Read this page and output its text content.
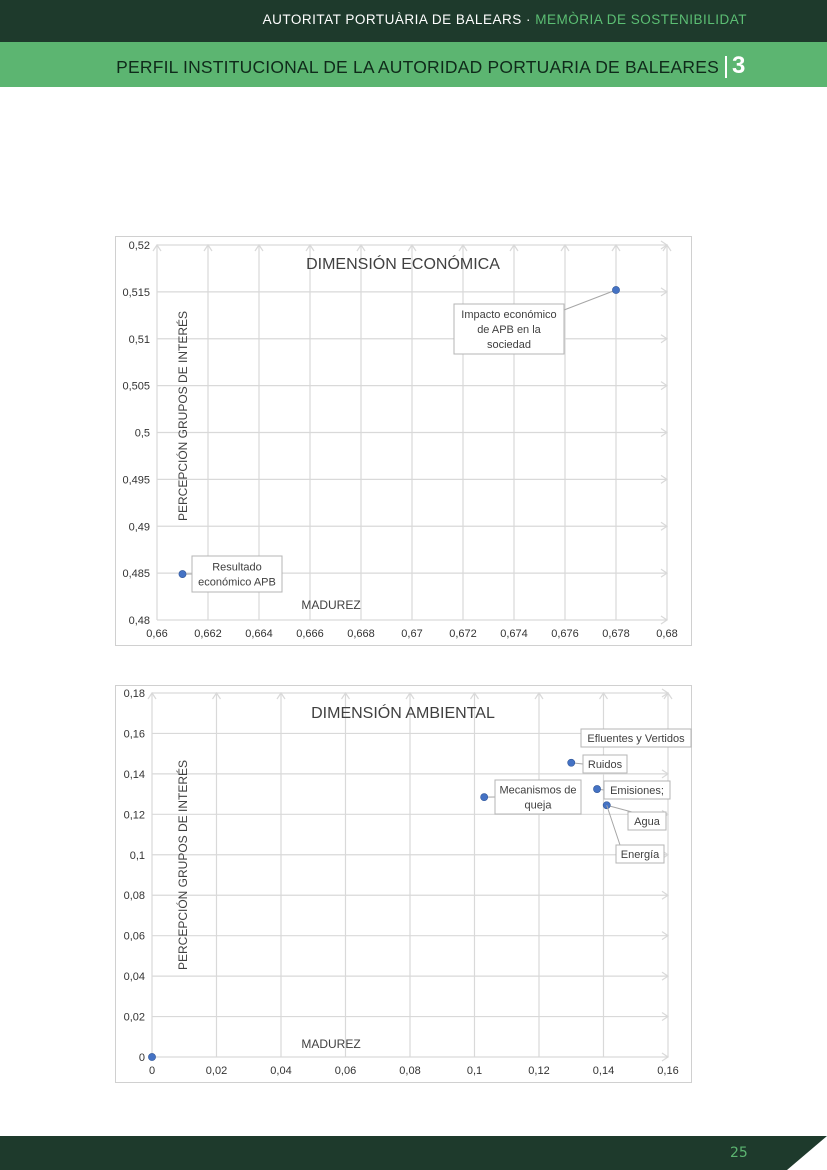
AUTORITAT PORTUÀRIA DE BALEARS · MEMÒRIA DE SOSTENIBILIDAT
PERFIL INSTITUCIONAL DE LA AUTORIDAD PORTUARIA DE BALEARES 3
0,48
0,485
0,49
0,495
0,5
0,505
0,51
0,515
0,52
0,66 0,662 0,664 0,666 0,668 0,67 0,672 0,674 0,676 0,678 0,68
DIMENSIÓN ECONÓMICA
MADUREZ
PERCEPCIÓN GRUPOS DE INTERÉS
Resultado
económico APB
Impacto económico
de APB en la
sociedad
0
0,02
0,04
0,06
0,08
0,1
0,12
0,14
0,16
0,18
0	0,02	0,04	0,06	0,08	0,1	0,12	0,14	0,16
DIMENSIÓN AMBIENTAL
MADUREZ
PERCEPCIÓN GRUPOS DE INTERÉS	Mecanismos de
queja
Ruidos
Emisiones;
Agua
Energía
Efluentes y Vertidos
25
